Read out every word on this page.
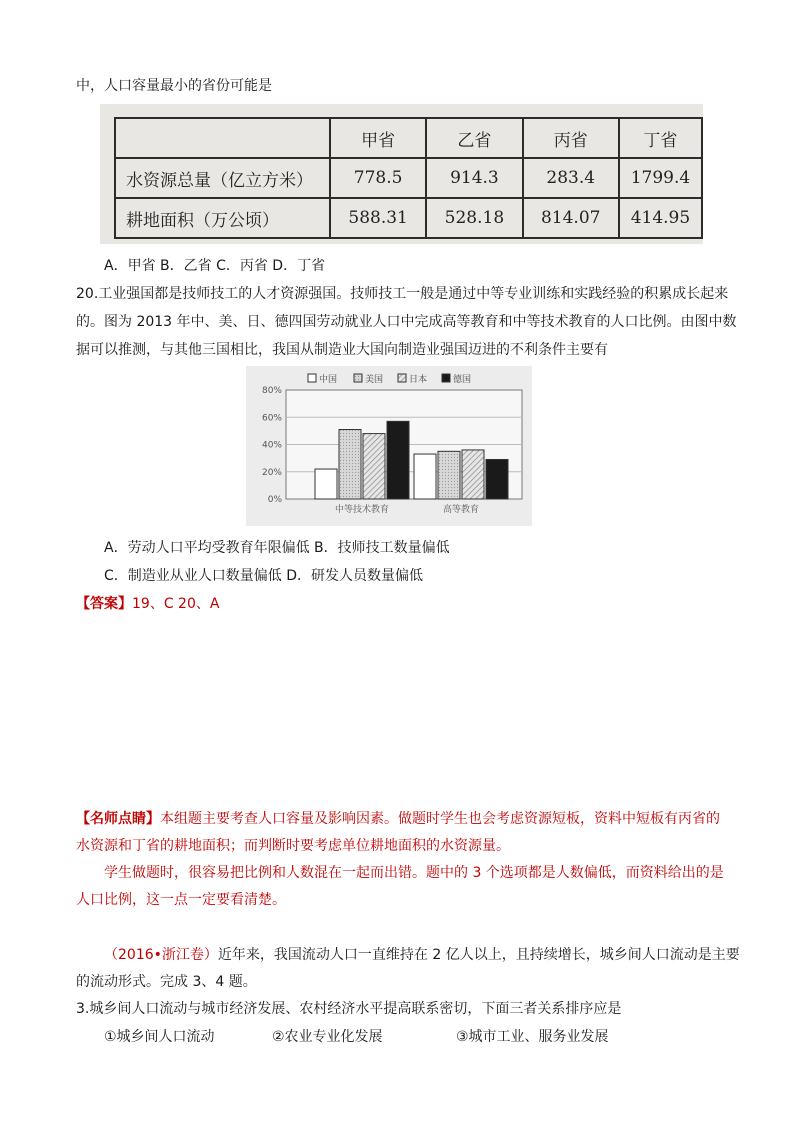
中，人口容量最小的省份可能是
	甲省	乙省	丙省	丁省
水资源总量（亿立方米）	778.5	914.3	283.4	1799.4
耕地面积（万公顷）	588.31	528.18	814.07	414.95
A．甲省 B．乙省 C．丙省 D．丁省
20.工业强国都是技师技工的人才资源强国。技师技工一般是通过中等专业训练和实践经验的积累成长起来
的。图为 2013 年中、美、日、德四国劳动就业人口中完成高等教育和中等技术教育的人口比例。由图中数
据可以推测，与其他三国相比，我国从制造业大国向制造业强国迈进的不利条件主要有
0%
20%
40%
60%
80%
中等技术教育	高等教育
中国	美国	日本	德国
A．劳动人口平均受教育年限偏低 B．技师技工数量偏低
C．制造业从业人口数量偏低 D．研发人员数量偏低
【答案】19、C 20、A
【名师点睛】本组题主要考查人口容量及影响因素。做题时学生也会考虑资源短板，资料中短板有丙省的
水资源和丁省的耕地面积；而判断时要考虑单位耕地面积的水资源量。
学生做题时，很容易把比例和人数混在一起而出错。题中的 3 个选项都是人数偏低，而资料给出的是
人口比例，这一点一定要看清楚。
（2016•浙江卷）近年来，我国流动人口一直维持在 2 亿人以上，且持续增长，城乡间人口流动是主要
的流动形式。完成 3、4 题。
3.城乡间人口流动与城市经济发展、农村经济水平提高联系密切，下面三者关系排序应是
①城乡间人口流动	②农业专业化发展	③城市工业、服务业发展
